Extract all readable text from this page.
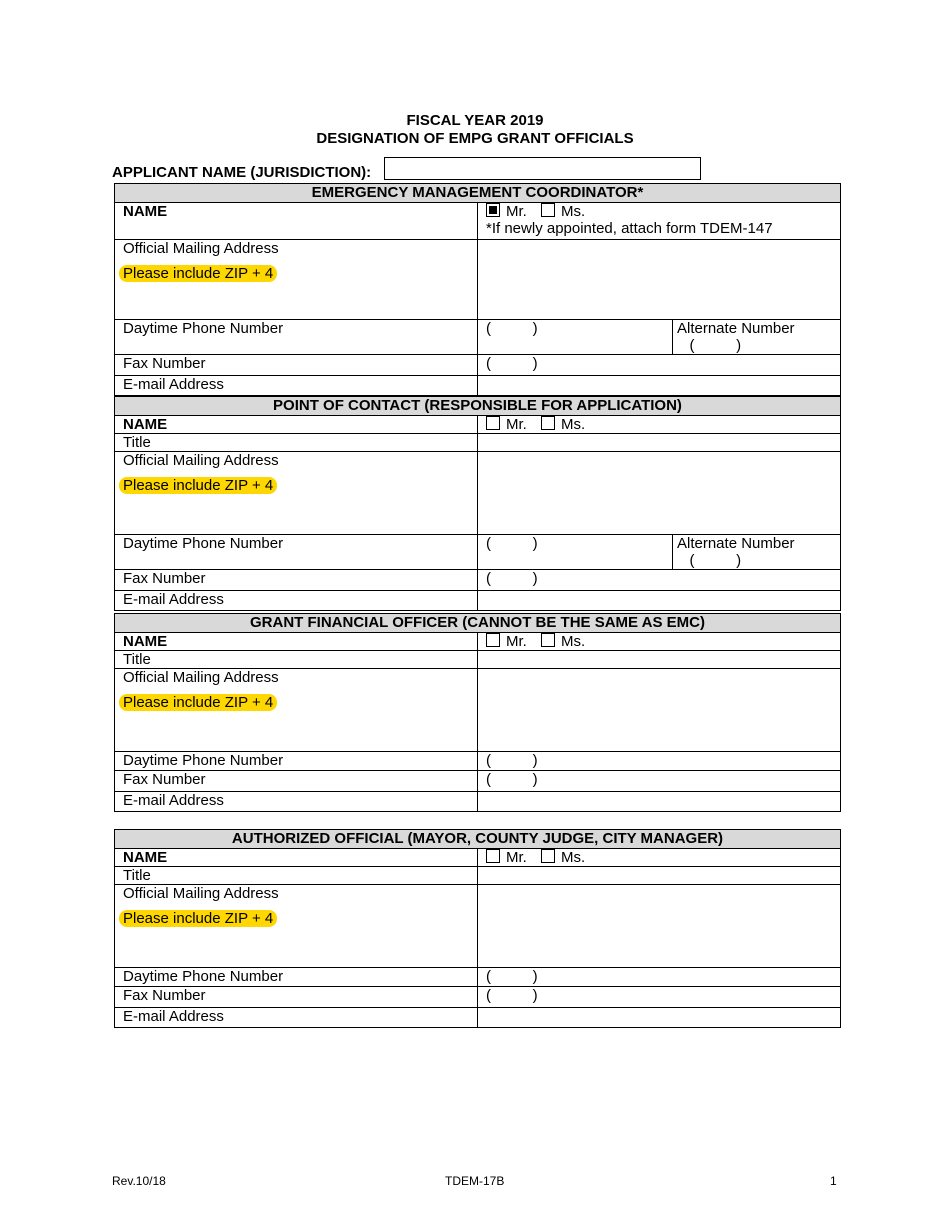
FISCAL YEAR 2019
DESIGNATION OF EMPG GRANT OFFICIALS
APPLICANT NAME (JURISDICTION):
EMERGENCY MANAGEMENT COORDINATOR*	
NAME	Mr. Ms.
*If newly appointed, attach form TDEM-147

Official Mailing Address
Please include ZIP + 4	
Daytime Phone Number	(          ) Alternate Number   (          )

Fax Number	(          )
E-mail Address	
POINT OF CONTACT (RESPONSIBLE FOR APPLICATION)	
NAME	Mr. Ms.
Title	
Official Mailing Address
Please include ZIP + 4	
Daytime Phone Number	(          ) Alternate Number   (          )

Fax Number	(          )
E-mail Address	
GRANT FINANCIAL OFFICER (CANNOT BE THE SAME AS EMC)	
NAME	Mr. Ms.
Title	
Official Mailing Address
Please include ZIP + 4	
Daytime Phone Number	(          )
Fax Number	(          )
E-mail Address	
AUTHORIZED OFFICIAL (MAYOR, COUNTY JUDGE, CITY MANAGER)	
NAME	Mr. Ms.
Title	
Official Mailing Address
Please include ZIP + 4	
Daytime Phone Number	(          )
Fax Number	(          )
E-mail Address	
Rev.10/18	TDEM-17B	1
